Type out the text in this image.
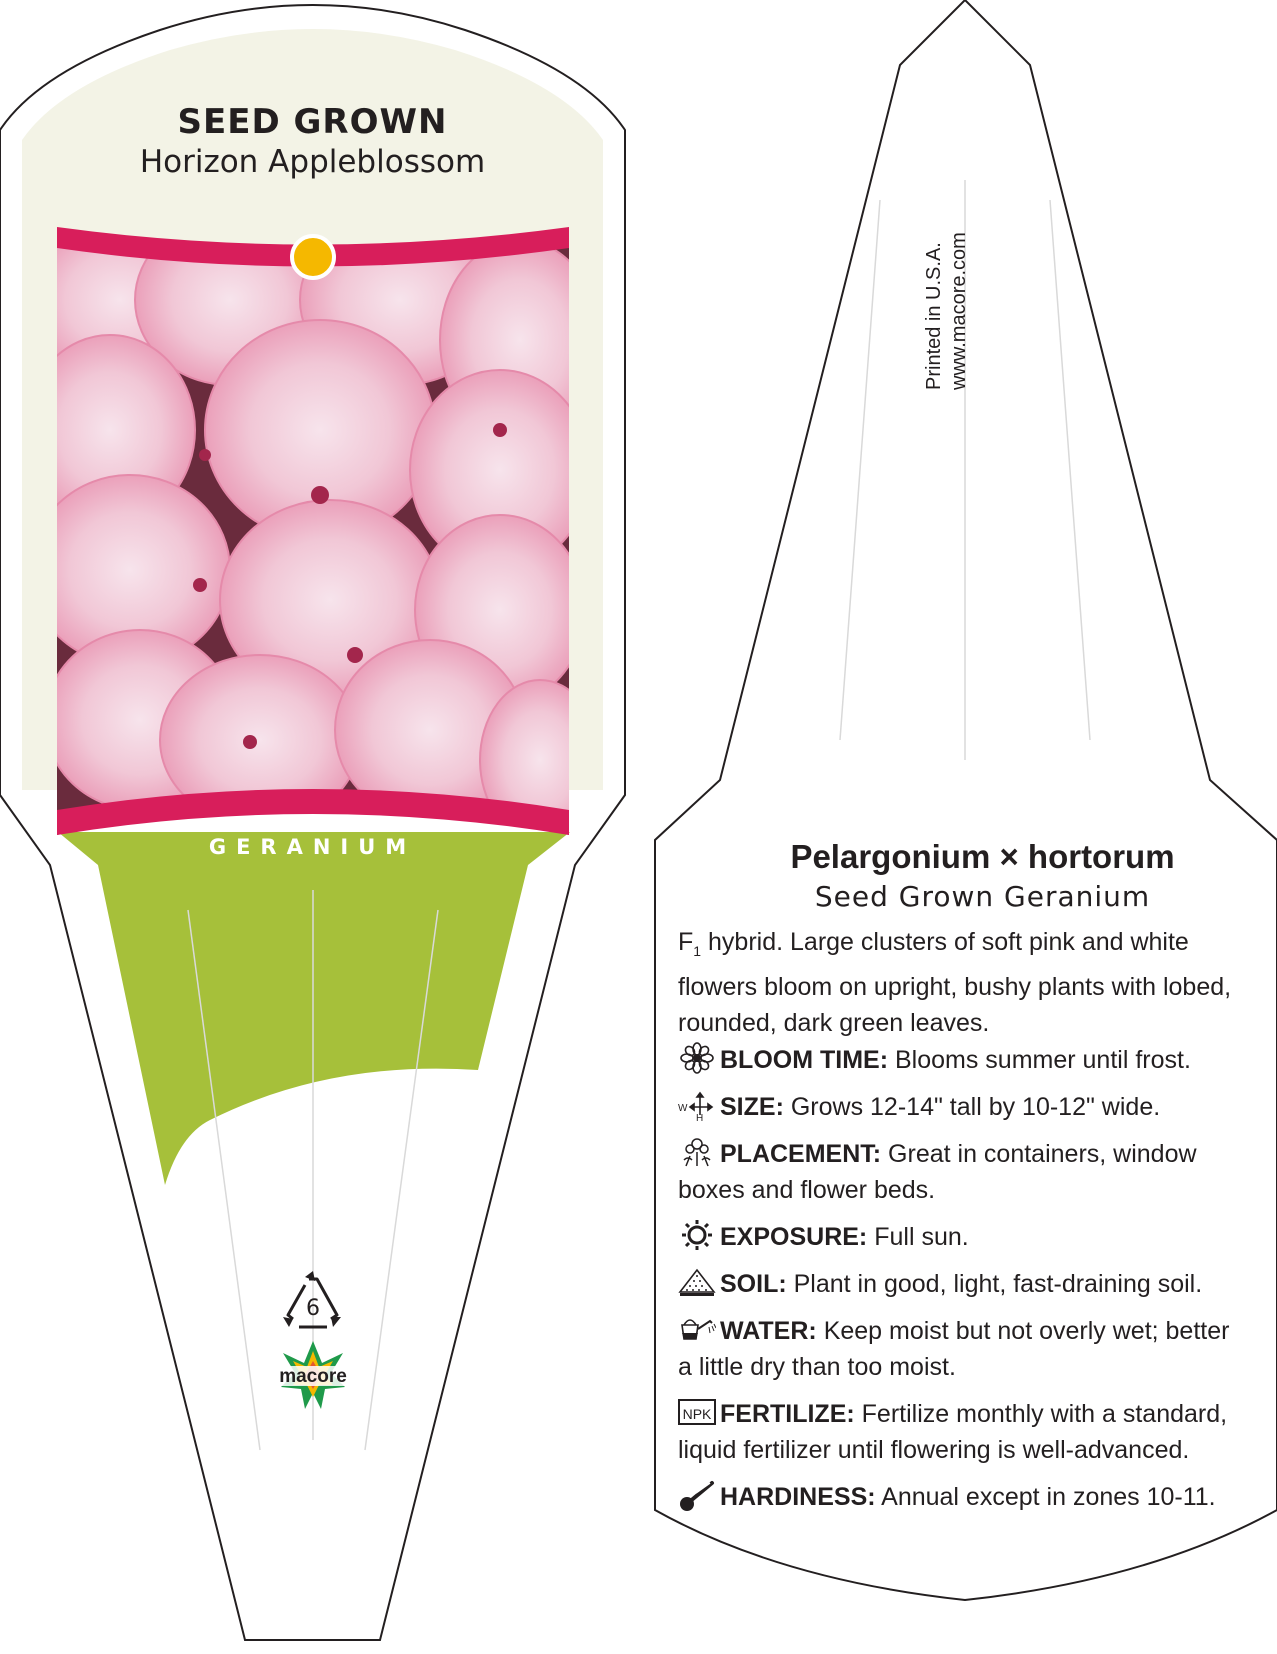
6
macore
SEED GROWN
Horizon Appleblossom
GERANIUM
Printed in U.S.A. www.macore.com
Pelargonium × hortorum
Seed Grown Geranium
$F_1$ hybrid. Large clusters of soft pink and white flowers bloom on upright, bushy plants with lobed, rounded, dark green leaves.
BLOOM TIME: Blooms summer until frost.
W
H SIZE: Grows 12-14" tall by 10-12" wide.
PLACEMENT: Great in containers, window boxes and flower beds.
EXPOSURE: Full sun.
SOIL: Plant in good, light, fast-draining soil.
WATER: Keep moist but not overly wet; better a little dry than too moist.
NPK FERTILIZE: Fertilize monthly with a standard, liquid fertilizer until flowering is well-advanced.
HARDINESS: Annual except in zones 10-11.
